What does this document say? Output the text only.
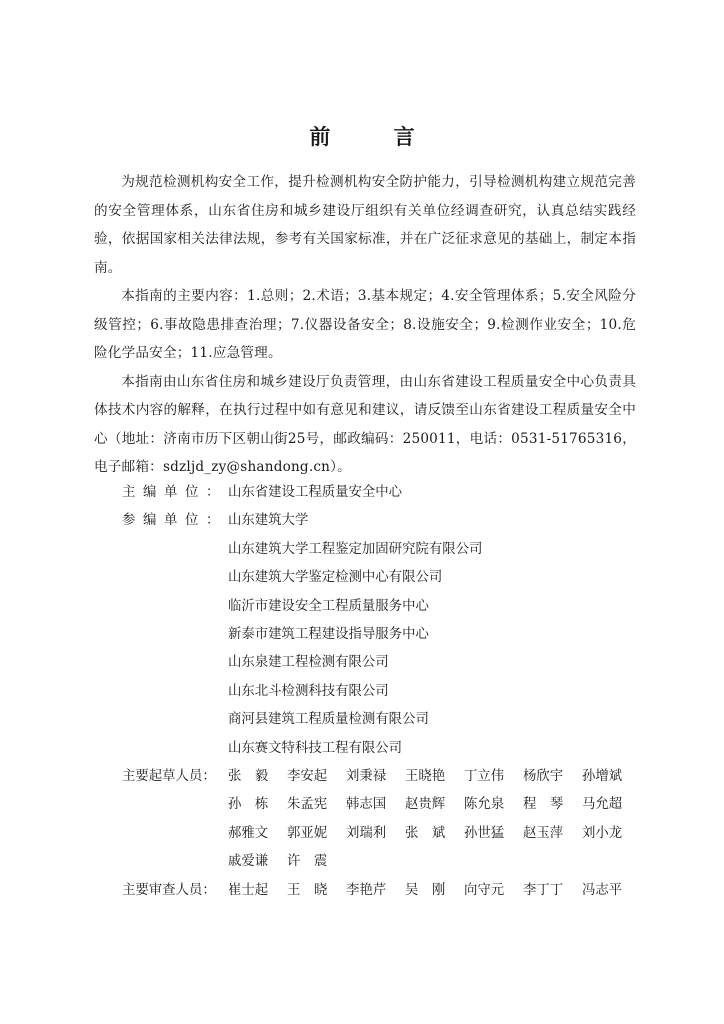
前 言

为规范检测机构安全工作，提升检测机构安全防护能力，引导检测机构建立规范完善的安全管理体系，山东省住房和城乡建设厅组织有关单位经调查研究，认真总结实践经验，依据国家相关法律法规，参考有关国家标准，并在广泛征求意见的基础上，制定本指南。

本指南的主要内容：1.总则；2.术语；3.基本规定；4.安全管理体系；5.安全风险分级管控；6.事故隐患排查治理；7.仪器设备安全；8.设施安全；9.检测作业安全；10.危险化学品安全；11.应急管理。

本指南由山东省住房和城乡建设厅负责管理，由山东省建设工程质量安全中心负责具体技术内容的解释，在执行过程中如有意见和建议，请反馈至山东省建设工程质量安全中心（地址：济南市历下区朝山街25号，邮政编码：250011，电话：0531-51765316，电子邮箱：sdzljd_zy@shandong.cn）。

主编单位： 山东省建设工程质量安全中心
参编单位： 山东建筑大学
山东建筑大学工程鉴定加固研究院有限公司
山东建筑大学鉴定检测中心有限公司
临沂市建设安全工程质量服务中心
新泰市建筑工程建设指导服务中心
山东泉建工程检测有限公司
山东北斗检测科技有限公司
商河县建筑工程质量检测有限公司
山东赛文特科技工程有限公司
主要起草人员： 张毅 李安起	刘秉禄	王晓艳	丁立伟	杨欣宇	孙增斌
孙栋 朱孟宪	韩志国	赵贵辉	陈允泉	程琴 马允超
郝雅文	郭亚妮	刘瑞利	张斌 孙世猛	赵玉萍	刘小龙
戚爱谦	许震
主要审查人员： 崔士起	王晓 李艳芹	吴刚 向守元	李丁丁	冯志平
